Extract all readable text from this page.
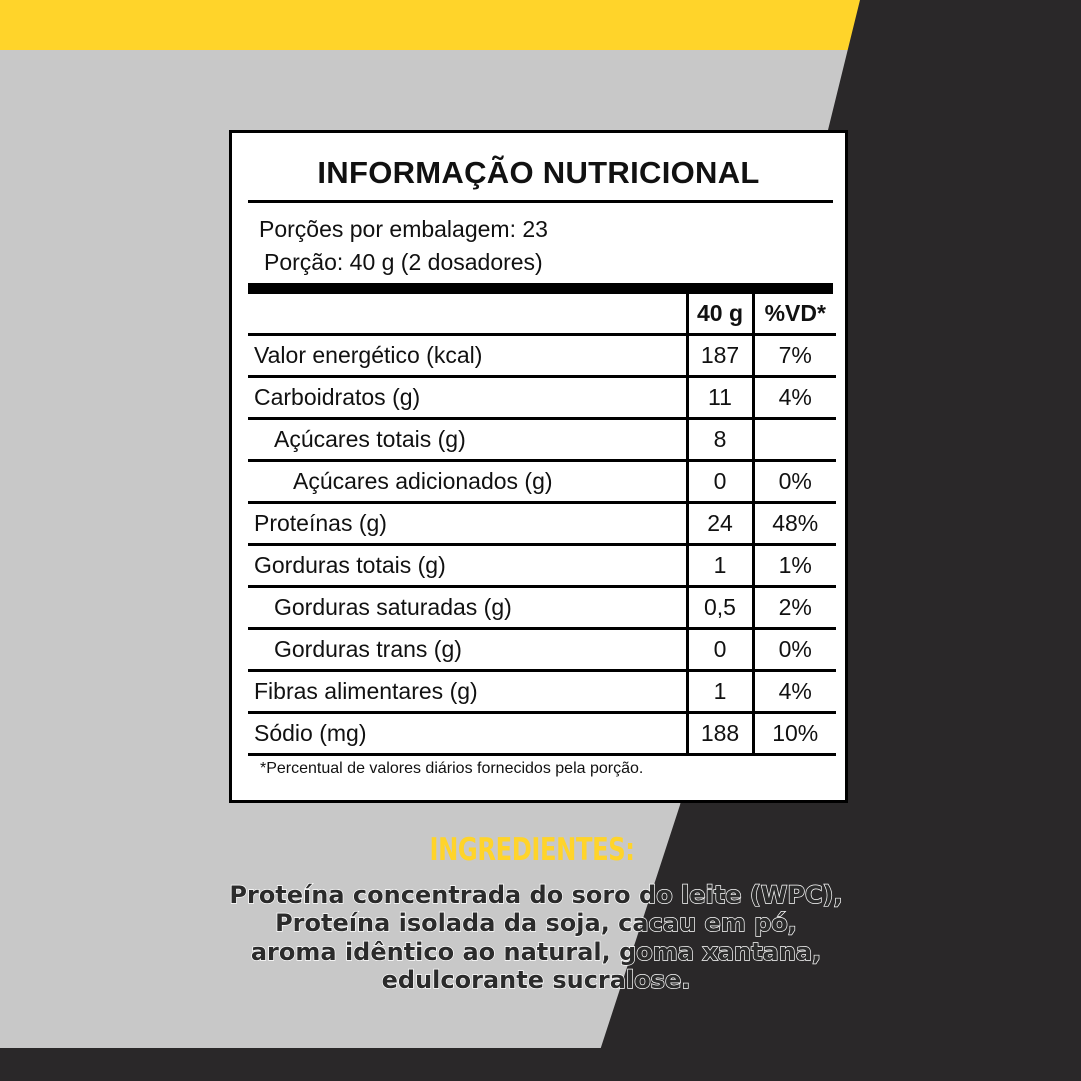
INFORMAÇÃO NUTRICIONAL
Porções por embalagem: 23
Porção: 40 g (2 dosadores)
	40 g	%VD*
Valor energético (kcal)	187	7%
Carboidratos (g)	11	4%
Açúcares totais (g)	8	
Açúcares adicionados (g)	0	0%
Proteínas (g)	24	48%
Gorduras totais (g)	1	1%
Gorduras saturadas (g)	0,5	2%
Gorduras trans (g)	0	0%
Fibras alimentares (g)	1	4%
Sódio (mg)	188	10%
*Percentual de valores diários fornecidos pela porção.
INGREDIENTES:
Proteína concentrada do soro do leite (WPC),
Proteína isolada da soja, cacau em pó,
aroma idêntico ao natural, goma xantana,
edulcorante sucralose.
